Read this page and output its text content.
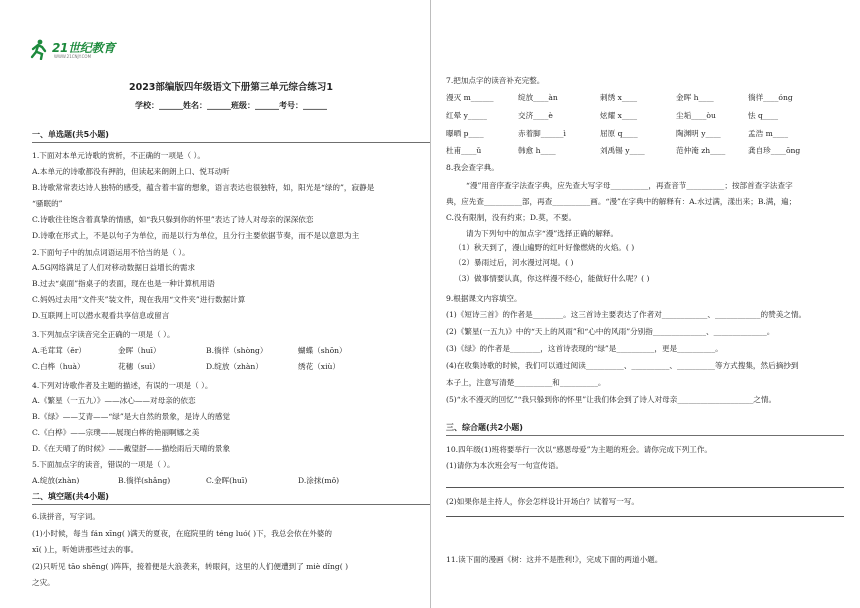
21世纪教育
WWW.21CNJY.COM
2023部编版四年级语文下册第三单元综合练习1
学校：______姓名：______班级：______考号：______
一、单选题(共5小题)
1.下面对本单元诗歌的赏析，不正确的一项是（ ）。
A.本单元的诗歌都没有押韵，但读起来朗朗上口、悦耳动听
B.诗歌常常表达诗人独特的感受，蕴含着丰富的想象，语言表达也很独特，如，阳光是“绿的”，寂静是
“骚眠的”
C.诗歌往往饱含着真挚的情感，如“我只躲到你的怀里”表达了诗人对母亲的深深依恋
D.诗歌在形式上，不是以句子为单位，而是以行为单位，且分行主要依据节奏，而不是以意思为主
2.下面句子中的加点词语运用不恰当的是（ ）。
A.5G网络满足了人们对移动数据日益增长的需求
B.过去“桌面”指桌子的表面，现在也是一种计算机用语
C.妈妈过去用“文件夹”装文件，现在我用“文件夹”进行数据计算
D.互联网上可以潜水观看共享信息或留言
3.下列加点字读音完全正确的一项是（ ）。
A.毛茸茸（ěr）	金晖（huī）	B.徜徉（shòng）	蝴蝶（shōn）
C.白桦（huà）	花穗（suì）	D.绽放（zhàn）	绣花（xiù）
4.下列对诗歌作者及主题的描述，有误的一项是（ ）。
A.《繁星（一五九）》——冰心——对母亲的依恋
B.《绿》——艾青——“绿”是大自然的景象，是诗人的感觉
C.《白桦》——宗璞——展现白桦的艳丽啊娜之美
D.《在天晴了的时候》——戴望舒——描绘雨后天晴的景象
5.下面加点字的读音，错误的一项是（ ）。
A.绽放(zhàn)	B.徜徉(shǎng)	C.金晖(huī)	D.涂抹(mǒ)
二、填空题(共4小题)
6.读拼音，写字词。
(1)小时候，每当 fán xīng( )满天的夏夜，在庭院里的 téng luó( )下，我总会依在外婆的
xī( )上，听她讲那些过去的事。
(2)只听见 tāo shēng( )阵阵，接着便是大浪袭来，转眼间，这里的人们便遭到了 miè dǐng( )
之灾。
7.把加点字的读音补充完整。
漫灭 m______	绽放____àn	刺绣 x____	金晖 h____	徜徉____óng
红晕 y_____	交济____è	炫耀 x____	尘垢____òu	怯 q____
曝晒 p____	赤着脚______ì	屈原 q____	陶渊明 y____	孟浩 m____
杜甫____ǔ	韩愈 h____	刘禹锡 y____	范仲淹 zh____	龚自珍____ōng
8.我会查字典。
“漫”用音序查字法查字典，应先查大写字母__________，再查音节__________；按部首查字法查字
典，应先查__________部，再查__________画。“漫”在字典中的解释有：A.水过满，漾出来；B.满，遍；
C.没有限制，没有约束；D.莫，不要。
请为下列句中的加点字“漫”选择正确的解释。
（1）秋天到了，漫山遍野的红叶好像燃烧的火焰。( )
（2）暴雨过后，河水漫过河堤。( )
（3）做事情要认真，你这样漫不经心，能做好什么呢？( )
9.根据课文内容填空。
(1)《短诗三首》的作者是________。这三首诗主要表达了作者对____________、____________的赞美之情。
(2)《繁星(一五九)》中的“天上的风雨”和“心中的风雨”分别指______________、______________。
(3)《绿》的作者是________，这首诗表现的“绿”是__________，更是__________。
(4)在收集诗歌的时候，我们可以通过阅读__________、__________、__________等方式搜集，然后摘抄到
本子上，注意写清楚__________和__________。
(5)“永不漫灭的回忆”“我只躲到你的怀里”让我们体会到了诗人对母亲____________________之情。
三、综合题(共2小题)
10.四年级(1)班将要举行一次以“感恩母爱”为主题的班会。请你完成下列工作。
(1)请你为本次班会写一句宣传语。
(2)如果你是主持人，你会怎样设计开场白？试着写一写。
11.读下面的漫画《树：这并不是胜利!》，完成下面的两道小题。
